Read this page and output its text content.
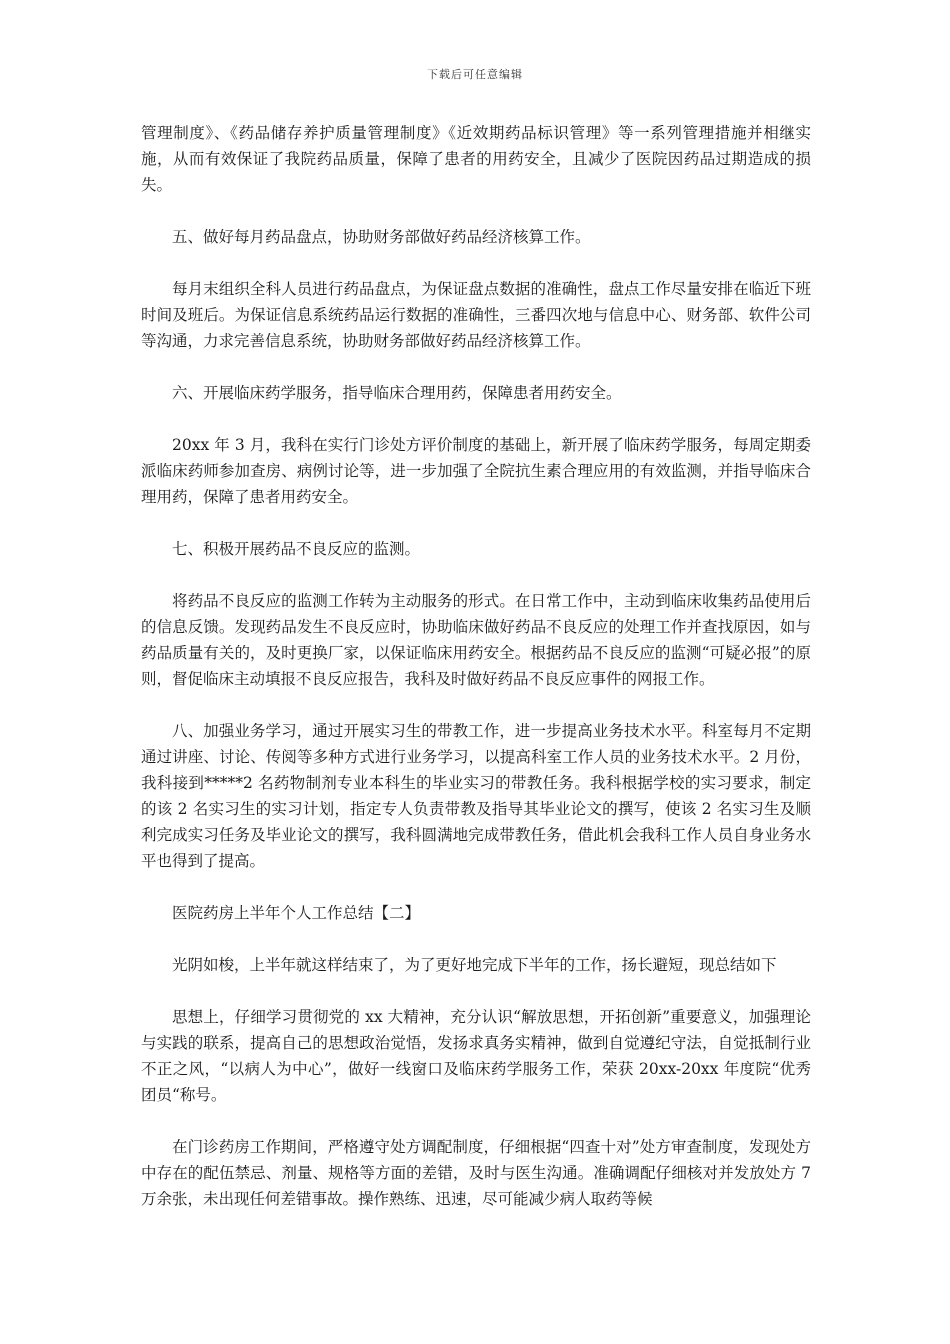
下载后可任意编辑

管理制度》、《药品储存养护质量管理制度》《近效期药品标识管理》等一系列管理措施并相继实施，从而有效保证了我院药品质量，保障了患者的用药安全，且减少了医院因药品过期造成的损失。

五、做好每月药品盘点，协助财务部做好药品经济核算工作。

每月末组织全科人员进行药品盘点，为保证盘点数据的准确性，盘点工作尽量安排在临近下班时间及班后。为保证信息系统药品运行数据的准确性，三番四次地与信息中心、财务部、软件公司等沟通，力求完善信息系统，协助财务部做好药品经济核算工作。

六、开展临床药学服务，指导临床合理用药，保障患者用药安全。

20xx 年 3 月，我科在实行门诊处方评价制度的基础上，新开展了临床药学服务，每周定期委派临床药师参加查房、病例讨论等，进一步加强了全院抗生素合理应用的有效监测，并指导临床合理用药，保障了患者用药安全。

七、积极开展药品不良反应的监测。

将药品不良反应的监测工作转为主动服务的形式。在日常工作中，主动到临床收集药品使用后的信息反馈。发现药品发生不良反应时，协助临床做好药品不良反应的处理工作并查找原因，如与药品质量有关的，及时更换厂家，以保证临床用药安全。根据药品不良反应的监测“可疑必报”的原则，督促临床主动填报不良反应报告，我科及时做好药品不良反应事件的网报工作。

八、加强业务学习，通过开展实习生的带教工作，进一步提高业务技术水平。科室每月不定期通过讲座、讨论、传阅等多种方式进行业务学习，以提高科室工作人员的业务技术水平。2 月份，我科接到*****2 名药物制剂专业本科生的毕业实习的带教任务。我科根据学校的实习要求，制定的该 2 名实习生的实习计划，指定专人负责带教及指导其毕业论文的撰写，使该 2 名实习生及顺利完成实习任务及毕业论文的撰写，我科圆满地完成带教任务，借此机会我科工作人员自身业务水平也得到了提高。

医院药房上半年个人工作总结【二】

光阴如梭，上半年就这样结束了，为了更好地完成下半年的工作，扬长避短，现总结如下

思想上，仔细学习贯彻党的 xx 大精神，充分认识“解放思想，开拓创新”重要意义，加强理论与实践的联系，提高自己的思想政治觉悟，发扬求真务实精神，做到自觉遵纪守法，自觉抵制行业不正之风，“以病人为中心”，做好一线窗口及临床药学服务工作，荣获 20xx-20xx 年度院“优秀团员“称号。

在门诊药房工作期间，严格遵守处方调配制度，仔细根据“四查十对”处方审查制度，发现处方中存在的配伍禁忌、剂量、规格等方面的差错，及时与医生沟通。准确调配仔细核对并发放处方 7 万余张，未出现任何差错事故。操作熟练、迅速，尽可能减少病人取药等候
